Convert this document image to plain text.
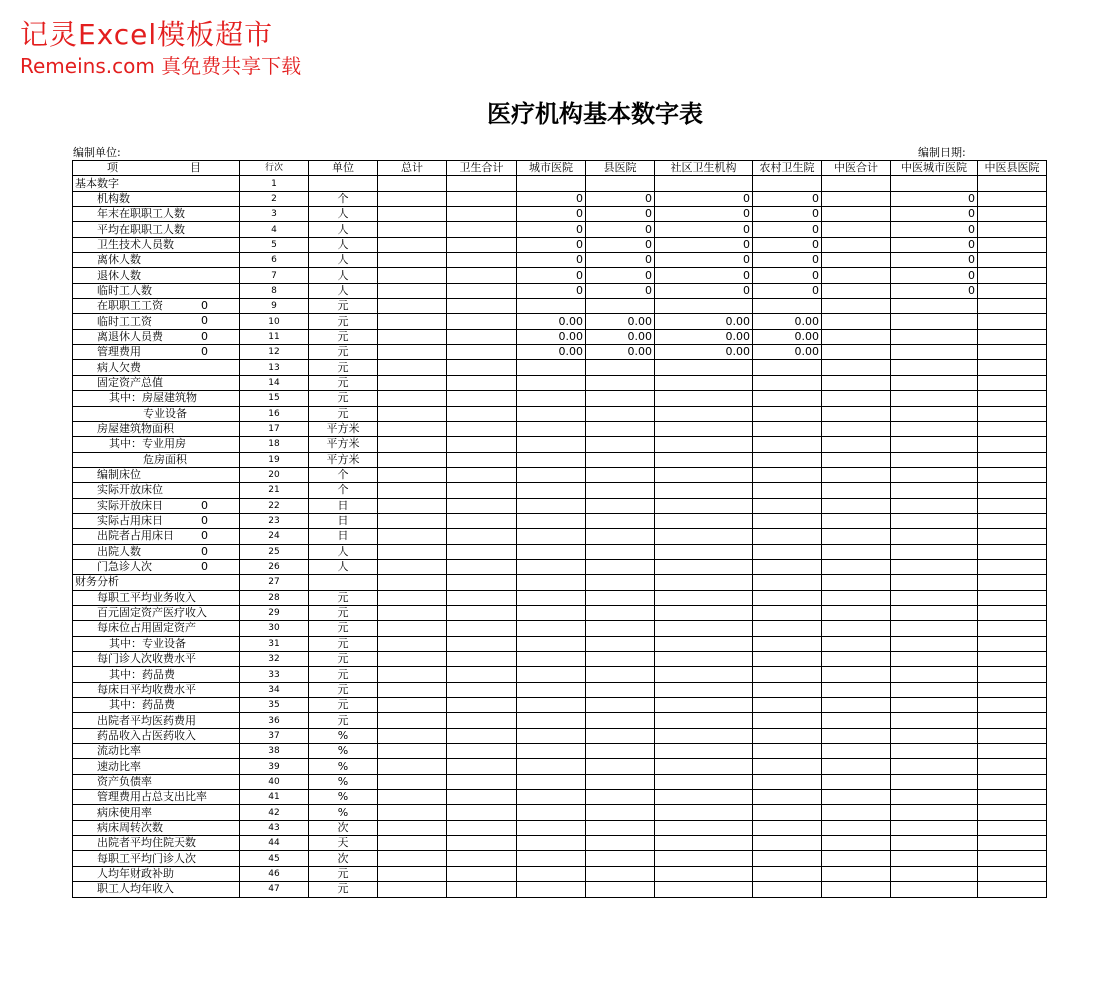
记灵Excel模板超市
Remeins.com 真免费共享下载
医疗机构基本数字表
编制单位:	编制日期:
项 目	行次	单位	总计	卫生合计	城市医院	县医院	社区卫生机构	农村卫生院	中医合计	中医城市医院	中医县医院
基本数字	1										
机构数	2	个			0	0	0	0		0	
年末在职职工人数	3	人			0	0	0	0		0	
平均在职职工人数	4	人			0	0	0	0		0	
卫生技术人员数	5	人			0	0	0	0		0	
离休人数	6	人			0	0	0	0		0	
退休人数	7	人			0	0	0	0		0	
临时工人数	8	人			0	0	0	0		0	
在职职工工资 0	9	元									
临时工工资 0	10	元			0.00	0.00	0.00	0.00			
离退休人员费 0	11	元			0.00	0.00	0.00	0.00			
管理费用 0	12	元			0.00	0.00	0.00	0.00			
病人欠费	13	元									
固定资产总值	14	元									
其中：房屋建筑物	15	元									
专业设备	16	元									
房屋建筑物面积	17	平方米									
其中：专业用房	18	平方米									
危房面积	19	平方米									
编制床位	20	个									
实际开放床位	21	个									
实际开放床日 0	22	日									
实际占用床日 0	23	日									
出院者占用床日 0	24	日									
出院人数 0	25	人									
门急诊人次 0	26	人									
财务分析	27										
每职工平均业务收入	28	元									
百元固定资产医疗收入	29	元									
每床位占用固定资产	30	元									
其中：专业设备	31	元									
每门诊人次收费水平	32	元									
其中：药品费	33	元									
每床日平均收费水平	34	元									
其中：药品费	35	元									
出院者平均医药费用	36	元									
药品收入占医药收入	37	%									
流动比率	38	%									
速动比率	39	%									
资产负债率	40	%									
管理费用占总支出比率	41	%									
病床使用率	42	%									
病床周转次数	43	次									
出院者平均住院天数	44	天									
每职工平均门诊人次	45	次									
人均年财政补助	46	元									
职工人均年收入	47	元									
